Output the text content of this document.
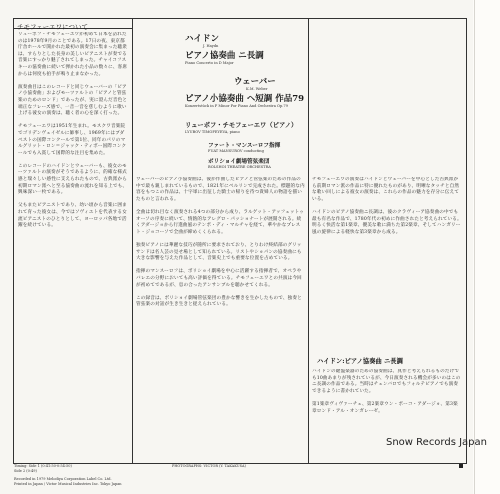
チモフェーエワについて
リューボフ・チモフェーエワが初めて日本を訪れたのは1978年9月のことである。17日の夜、東京都庁舎ホールで開かれた最初の演奏会に集まった聴衆は、すらりとした長身の美しいピアニストが奏でる音楽にすっかり魅了されてしまった。チャイコフスキーの協奏曲に続いて弾かれた小品の数々に、客席からは何度も拍手が鳴り止まなかった。

演奏曲目はこのレコードと同じウェーバーの「ピアノ小協奏曲」およびモーツァルトの「ピアノと管弦楽のためのロンド」であったが、実に澄んだ音色と端正なフレーズ感で、一音一音を慈しむように歌い上げる彼女の演奏は、聴く者の心を深く打った。

チモフェーエワは1951年生まれ。モスクワ音楽院でゴリデンヴェイゼルに師事し、1969年にはブダペストの国際コンクールで第1位、同年のパリのマルグリット・ロン＝ジャック・ティボー国際コンクールでも入賞して国際的な注目を集めた。

このレコードのハイドンとウェーバーも、彼女のモーツァルトの演奏がそうであるように、的確な様式感と瑞々しい感性に支えられたもので、古典派から初期ロマン派へと至る協奏曲の流れを知る上でも、興味深い一枚である。

父もまたピアニストであり、幼い頃から音楽に囲まれて育った彼女は、今ではソヴィエトを代表する女流ピアニストのひとりとして、ヨーロッパ各地で活躍を続けている。
ハイドン
J. Haydn
ピアノ協奏曲 ニ長調
Piano Concerto in D Major
ウェーバー
K.M. Weber
ピアノ小協奏曲 ヘ短調 作品79
Konzertstück in F Minor For Piano And Orchestra Op.79
リューボフ・チモフェーエワ（ピアノ）
LYUBOV TIMOFEYEVA, piano
ファート・マンスーロフ指揮
FUAT MANSUROV conducting
ボリショイ劇場管弦楽団
BOLSHOI THEATRE ORCHESTRA
ウェーバーのピアノ小協奏曲は、彼が作曲したピアノと管弦楽のための作品の中で最も親しまれているもので、1821年にベルリンで完成された。標題的な内容をもつこの作品は、十字軍に出征した騎士の帰りを待つ貴婦人の物語を描いたものと言われる。

全曲は切れ目なく演奏される4つの部分から成り、ラルゲット・アッフェットゥオーソの序奏に続いて、情熱的なアレグロ・パッショナートが展開される。続くアダージョから行進曲風のテンポ・ディ・マルチャを経て、華やかなプレスト・ジョコーソで全曲が締めくくられる。

独奏ピアノには華麗な技巧が随所に要求されており、とりわけ終結部のグリッサンドは名人芸の見せ場として知られている。リストやショパンの協奏曲にも大きな影響を与えた作品として、音楽史上でも重要な位置を占めている。

指揮のマンスーロフは、ボリショイ劇場を中心に活躍する指揮者で、オペラやバレエの分野においても高い評価を得ている。チモフェーエワとの共演は今回が初めてであるが、息の合ったアンサンブルを聴かせてくれる。

この録音は、ボリショイ劇場管弦楽団の豊かな響きを生かしたもので、独奏と管弦楽の対話が生き生きと捉えられている。
チモフェーエワの演奏はハイドンとウェーバーを中心とした古典派から前期ロマン派の作品に特に優れたものがあり、明晰なタッチと自然な歌い回しによる彼女の演奏は、これらの作品の魅力を存分に伝えている。

ハイドンのピアノ協奏曲ニ長調は、彼のクラヴィーア協奏曲の中でも最も有名な作品で、1780年代の初めに作曲されたと考えられている。明るく快活な第1楽章、優美な歌に満ちた第2楽章、そしてハンガリー風の旋律による軽快な第3楽章から成る。
ハイドン:ピアノ協奏曲 ニ長調
ハイドンの鍵盤楽器のための協奏曲は、真作と考えられるものだけでも10曲あまりが残されているが、今日演奏される機会が多いのはこのニ長調の作品である。当時はチェンバロでもフォルテピアノでも演奏できるように書かれていた。

第1楽章ヴィヴァーチェ、第2楽章ウン・ポーコ・アダージョ、第3楽章ロンド・アル・オンガレーゼ。
Timing: Side 1 (0:41:50-0:54:50)
Side 2 (0:49)
PHOTOGRAPHS: VICTOR (Y. TAKAKUSA)
Recorded in 1979 Melodiya Corporation Label Co. Ltd.
Printed in Japan / Victor Musical Industries Inc. Tokyo Japan
Snow Records Japan
